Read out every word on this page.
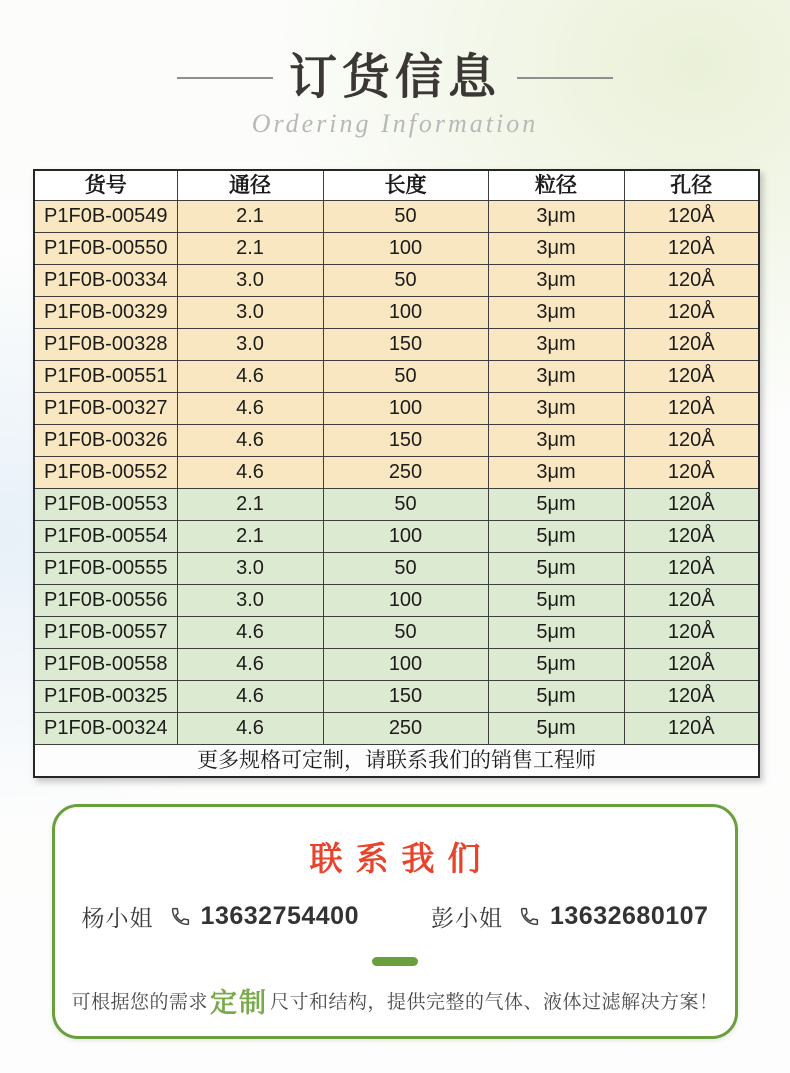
订货信息
Ordering Information
货号	通径	长度	粒径	孔径
P1F0B-00549	2.1	50	3μm	120Å
P1F0B-00550	2.1	100	3μm	120Å
P1F0B-00334	3.0	50	3μm	120Å
P1F0B-00329	3.0	100	3μm	120Å
P1F0B-00328	3.0	150	3μm	120Å
P1F0B-00551	4.6	50	3μm	120Å
P1F0B-00327	4.6	100	3μm	120Å
P1F0B-00326	4.6	150	3μm	120Å
P1F0B-00552	4.6	250	3μm	120Å
P1F0B-00553	2.1	50	5μm	120Å
P1F0B-00554	2.1	100	5μm	120Å
P1F0B-00555	3.0	50	5μm	120Å
P1F0B-00556	3.0	100	5μm	120Å
P1F0B-00557	4.6	50	5μm	120Å
P1F0B-00558	4.6	100	5μm	120Å
P1F0B-00325	4.6	150	5μm	120Å
P1F0B-00324	4.6	250	5μm	120Å
更多规格可定制，请联系我们的销售工程师				
联系我们
杨小姐 13632754400	彭小姐 13632680107
可根据您的需求 定制 尺寸和结构，提供完整的气体、液体过滤解决方案！
